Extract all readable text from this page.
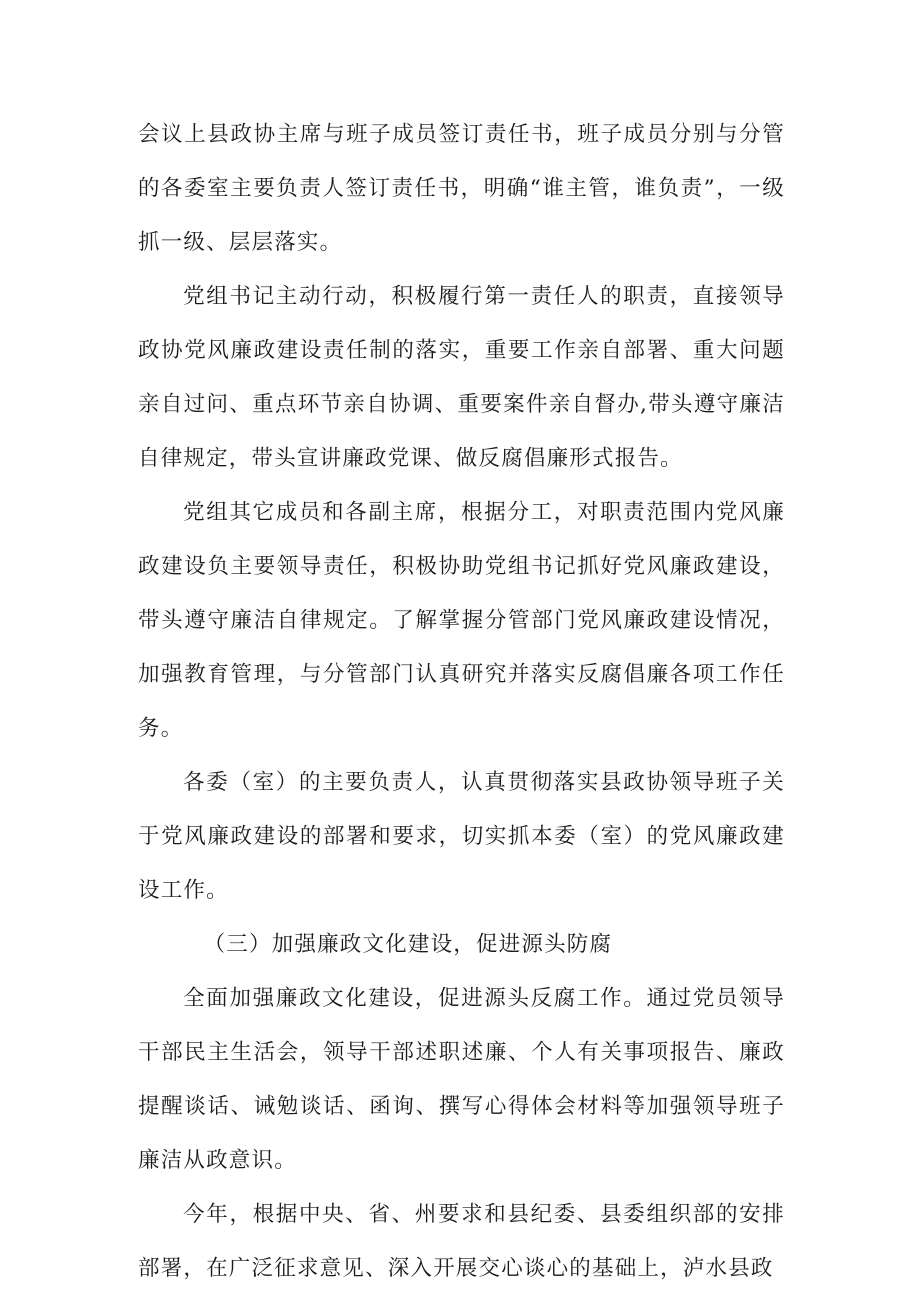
会议上县政协主席与班子成员签订责任书，班子成员分别与分管的各委室主要负责人签订责任书，明确“谁主管，谁负责”，一级抓一级、层层落实。

党组书记主动行动，积极履行第一责任人的职责，直接领导政协党风廉政建设责任制的落实，重要工作亲自部署、重大问题亲自过问、重点环节亲自协调、重要案件亲自督办,带头遵守廉洁自律规定，带头宣讲廉政党课、做反腐倡廉形式报告。

党组其它成员和各副主席，根据分工，对职责范围内党风廉政建设负主要领导责任，积极协助党组书记抓好党风廉政建设，带头遵守廉洁自律规定。了解掌握分管部门党风廉政建设情况，加强教育管理，与分管部门认真研究并落实反腐倡廉各项工作任务。

各委（室）的主要负责人，认真贯彻落实县政协领导班子关于党风廉政建设的部署和要求，切实抓本委（室）的党风廉政建设工作。

（三）加强廉政文化建设，促进源头防腐

全面加强廉政文化建设，促进源头反腐工作。通过党员领导干部民主生活会，领导干部述职述廉、个人有关事项报告、廉政提醒谈话、诫勉谈话、函询、撰写心得体会材料等加强领导班子廉洁从政意识。

今年，根据中央、省、州要求和县纪委、县委组织部的安排部署，在广泛征求意见、深入开展交心谈心的基础上，泸水县政
